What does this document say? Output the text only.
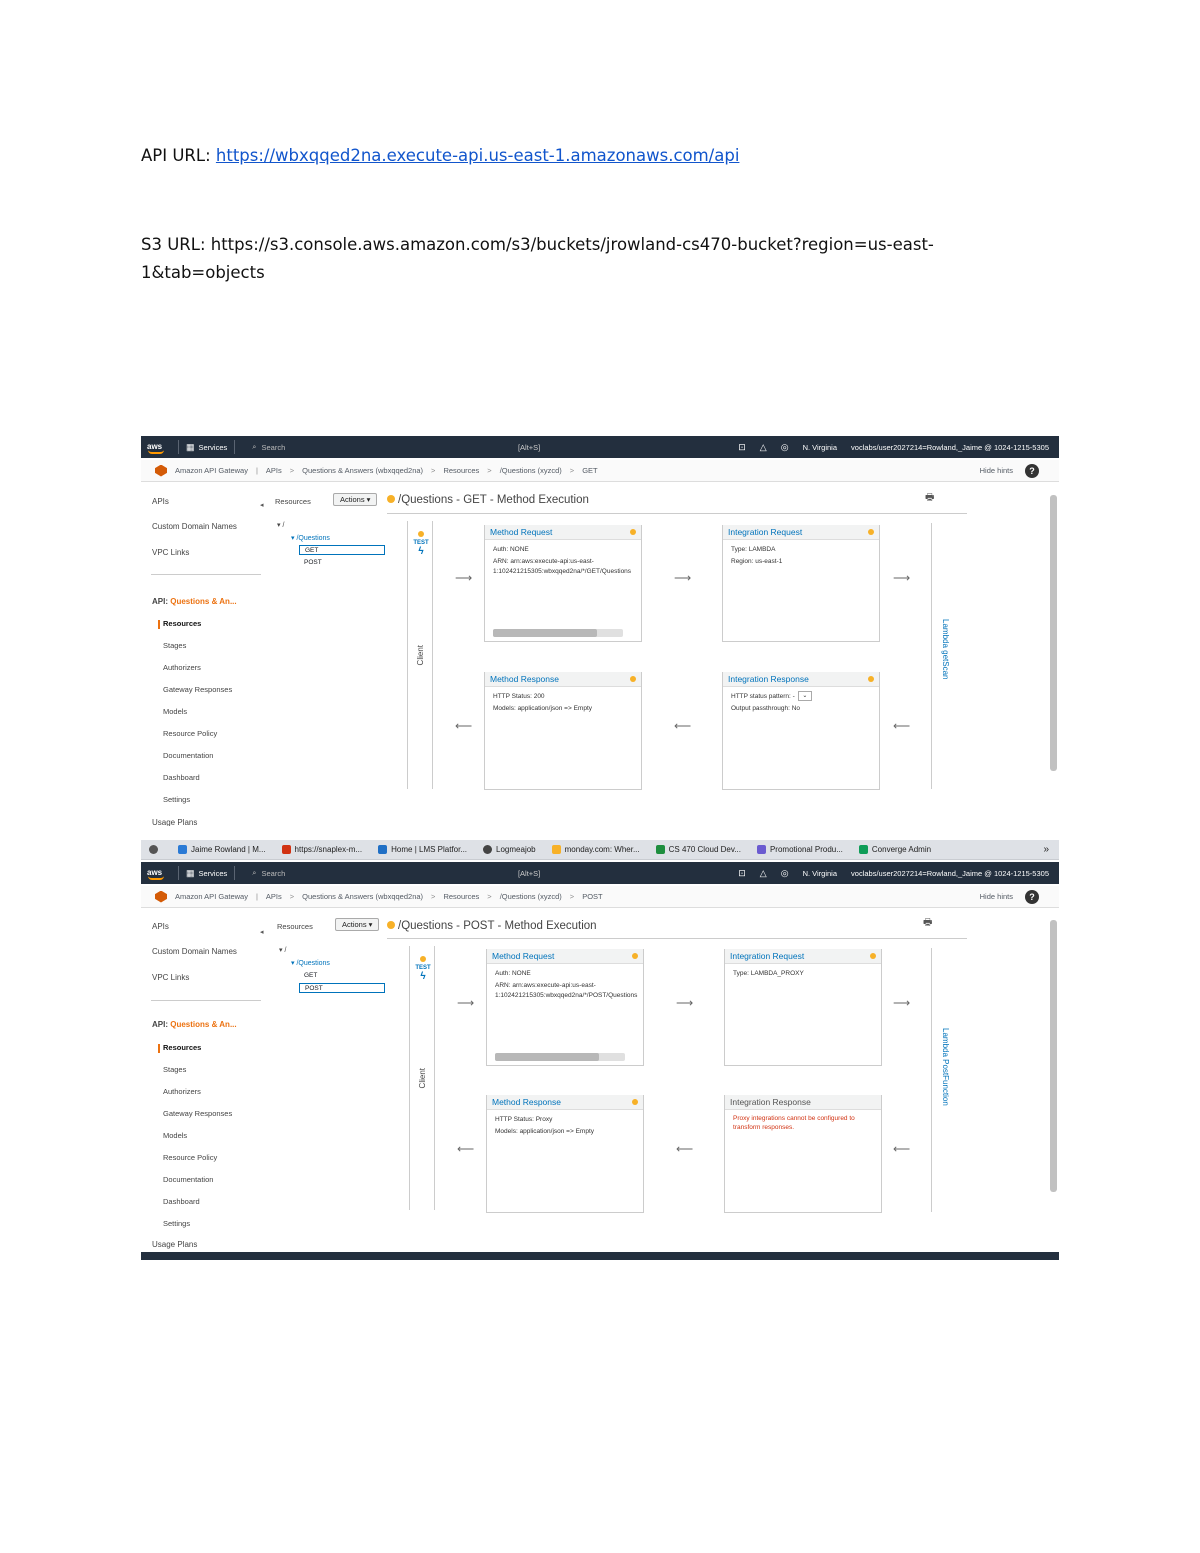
API URL: https://wbxqqed2na.execute-api.us-east-1.amazonaws.com/api
S3 URL: https://s3.console.aws.amazon.com/s3/buckets/jrowland-cs470-bucket?region=us-east-
1&tab=objects
aws	▦ Services	⌕ Search	[Alt+S]	⊡ △ ◎ N. Virginia voclabs/user2027214=Rowland,_Jaime @ 1024-1215-5305
Amazon API Gateway | APIs > Questions & Answers (wbxqqed2na) > Resources > /Questions (xyzcd) > GET	Hide hints	?
APIs
Custom Domain Names
VPC Links
API: Questions & An...
Resources
Stages
Authorizers
Gateway Responses
Models
Resource Policy
Documentation
Dashboard
Settings
Usage Plans
◂ Resources	Actions ▾
▾ /
▾ /Questions
GET
POST
/Questions - GET - Method Execution	🖶
TEST
ϟ
Client
Method Request
Auth: NONE
ARN: arn:aws:execute-api:us-east-
1:102421215305:wbxqqed2na/*/GET/Questions
Integration Request
Type: LAMBDA
Region: us-east-1
Method Response
HTTP Status: 200
Models: application/json => Empty
Integration Response
HTTP status pattern: - ⌄
Output passthrough: No
⟶	⟶	⟶
⟵	⟵	⟵
Lambda getScan
Jaime Rowland | M...	https://snaplex-m...	Home | LMS Platfor...	Logmeajob	monday.com: Wher...	CS 470 Cloud Dev...	Promotional Produ...	Converge Admin	»
aws	▦ Services	⌕ Search	[Alt+S]	⊡ △ ◎ N. Virginia voclabs/user2027214=Rowland,_Jaime @ 1024-1215-5305
Amazon API Gateway | APIs > Questions & Answers (wbxqqed2na) > Resources > /Questions (xyzcd) > POST	Hide hints	?
APIs
Custom Domain Names
VPC Links
API: Questions & An...
Resources
Stages
Authorizers
Gateway Responses
Models
Resource Policy
Documentation
Dashboard
Settings
Usage Plans
◂
Resources	Actions ▾
▾ /
▾ /Questions
GET
POST
/Questions - POST - Method Execution	🖶
TEST
ϟ
Client
Method Request
Auth: NONE
ARN: arn:aws:execute-api:us-east-
1:102421215305:wbxqqed2na/*/POST/Questions
Integration Request
Type: LAMBDA_PROXY
Method Response
HTTP Status: Proxy
Models: application/json => Empty
Integration Response
Proxy integrations cannot be configured to transform responses.
⟶	⟶	⟶
⟵	⟵	⟵
Lambda PostFunction
